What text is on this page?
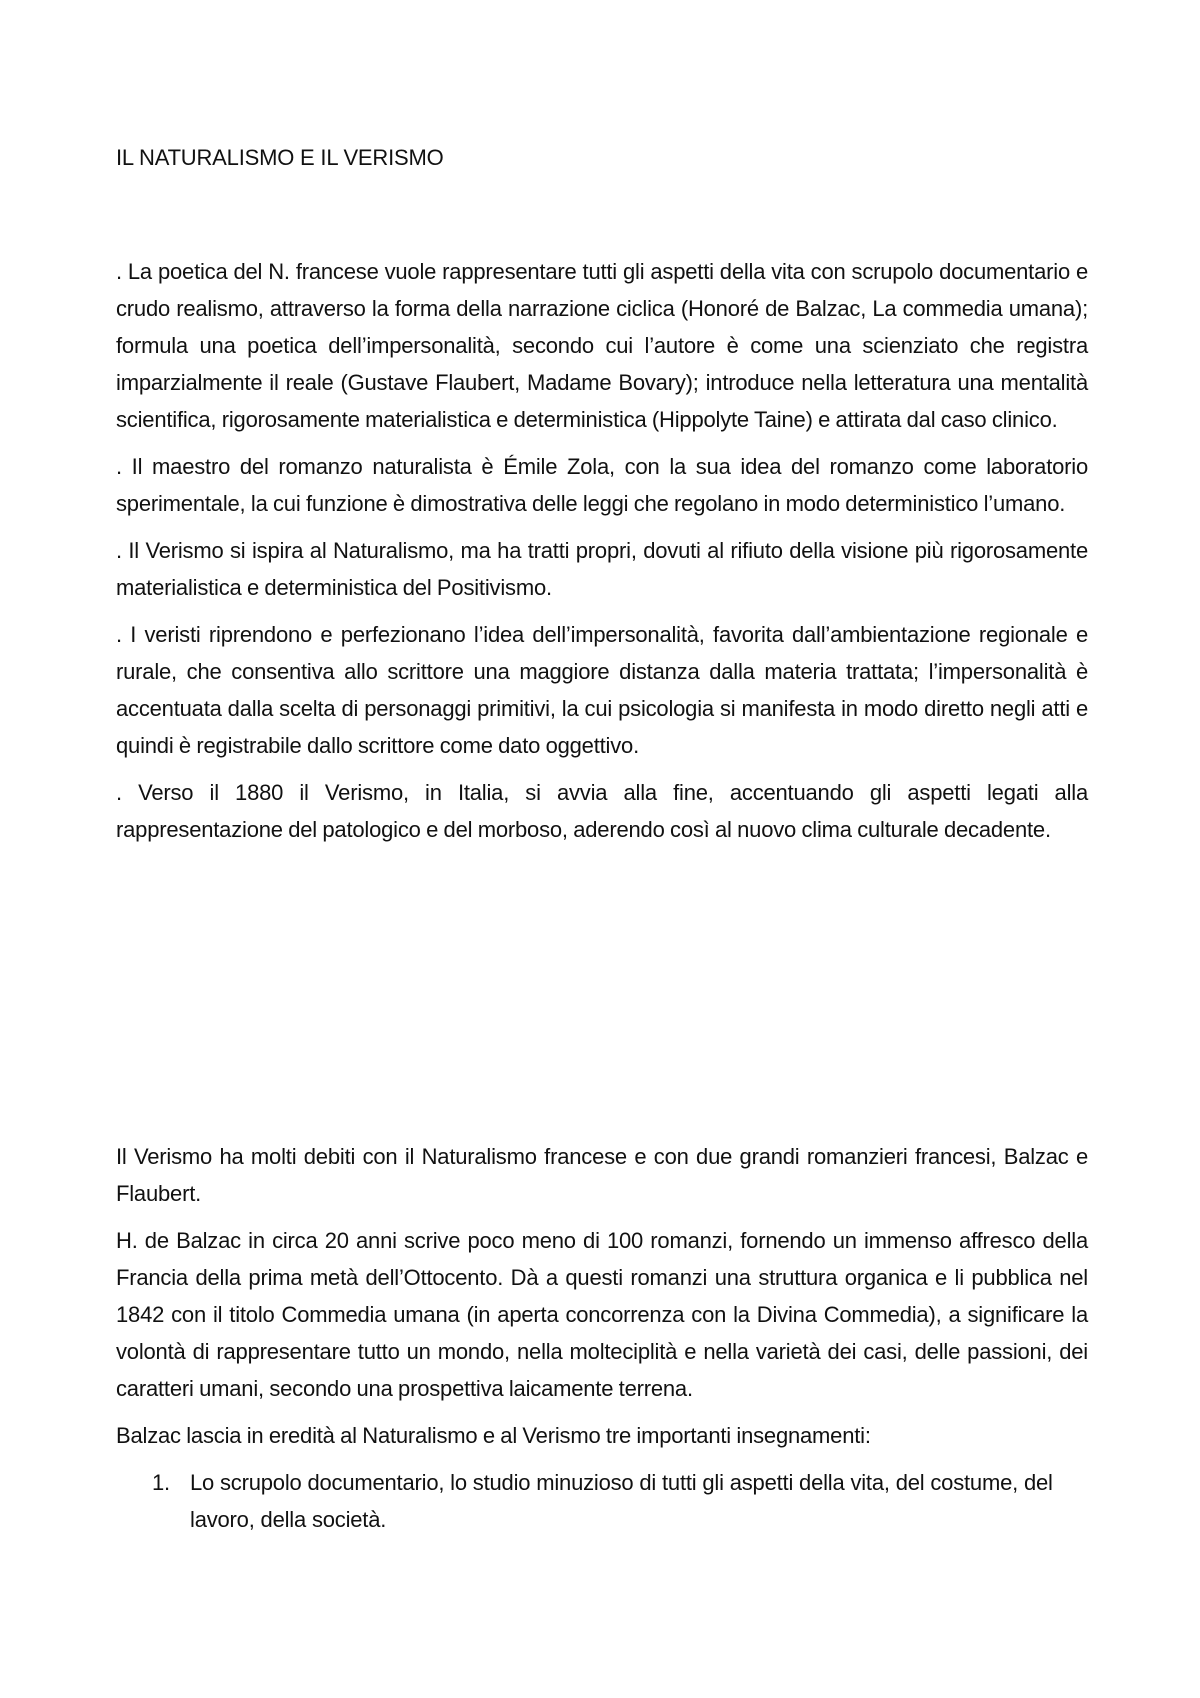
IL NATURALISMO E IL VERISMO

. La poetica del N. francese vuole rappresentare tutti gli aspetti della vita con scrupolo documentario e crudo realismo, attraverso la forma della narrazione ciclica (Honoré de Balzac, La commedia umana); formula una poetica dell’impersonalità, secondo cui l’autore è come una scienziato che registra imparzialmente il reale (Gustave Flaubert, Madame Bovary); introduce nella letteratura una mentalità scientifica, rigorosamente materialistica e deterministica (Hippolyte Taine) e attirata dal caso clinico.

. Il maestro del romanzo naturalista è Émile Zola, con la sua idea del romanzo come laboratorio sperimentale, la cui funzione è dimostrativa delle leggi che regolano in modo deterministico l’umano.

. Il Verismo si ispira al Naturalismo, ma ha tratti propri, dovuti al rifiuto della visione più rigorosamente materialistica e deterministica del Positivismo.

. I veristi riprendono e perfezionano l’idea dell’impersonalità, favorita dall’ambientazione regionale e rurale, che consentiva allo scrittore una maggiore distanza dalla materia trattata; l’impersonalità è accentuata dalla scelta di personaggi primitivi, la cui psicologia si manifesta in modo diretto negli atti e quindi è registrabile dallo scrittore come dato oggettivo.

. Verso il 1880 il Verismo, in Italia, si avvia alla fine, accentuando gli aspetti legati alla rappresentazione del patologico e del morboso, aderendo così al nuovo clima culturale decadente.

Il Verismo ha molti debiti con il Naturalismo francese e con due grandi romanzieri francesi, Balzac e Flaubert.

H. de Balzac in circa 20 anni scrive poco meno di 100 romanzi, fornendo un immenso affresco della Francia della prima metà dell’Ottocento. Dà a questi romanzi una struttura organica e li pubblica nel 1842 con il titolo Commedia umana (in aperta concorrenza con la Divina Commedia), a significare la volontà di rappresentare tutto un mondo, nella molteciplità e nella varietà dei casi, delle passioni, dei caratteri umani, secondo una prospettiva laicamente terrena.

Balzac lascia in eredità al Naturalismo e al Verismo tre importanti insegnamenti:

1. Lo scrupolo documentario, lo studio minuzioso di tutti gli aspetti della vita, del costume, del lavoro, della società.
